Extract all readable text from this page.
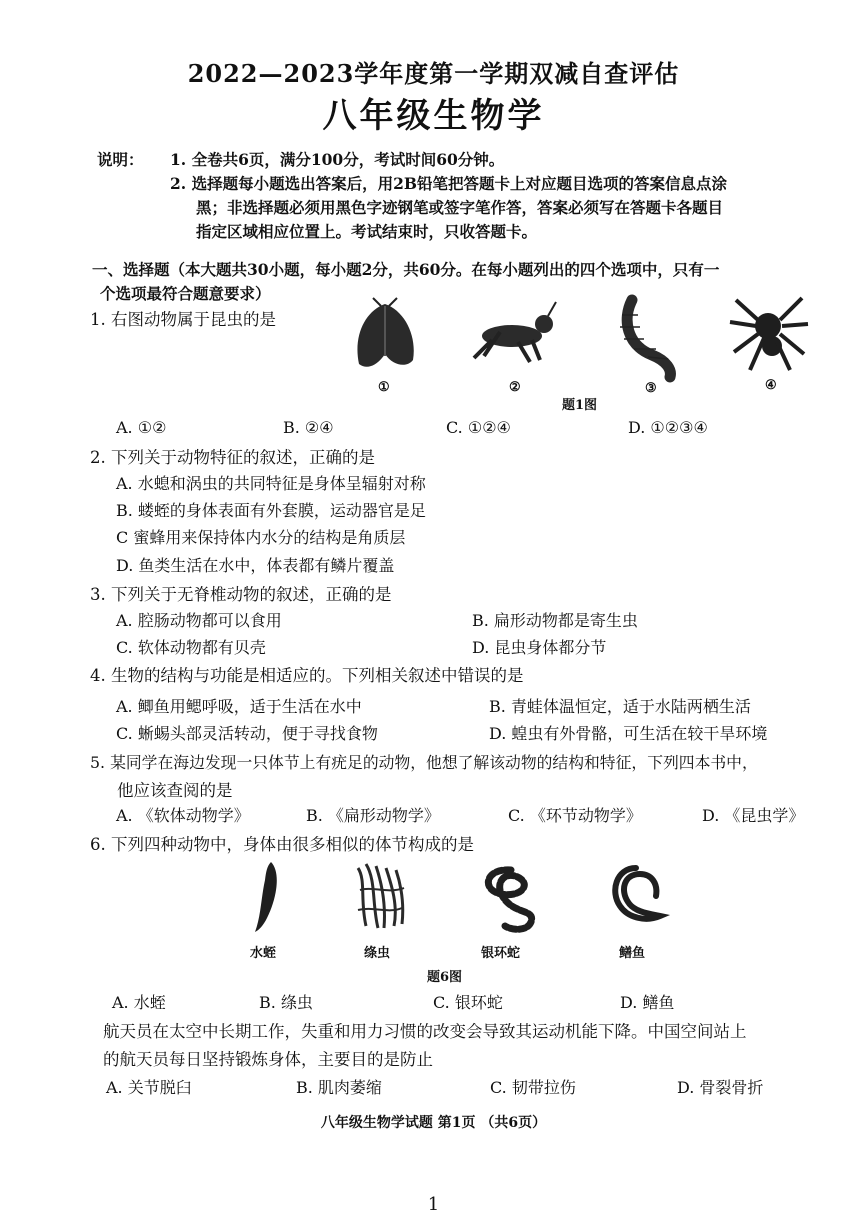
2022—2023学年度第一学期双减自查评估
八年级生物学
说明： 1. 全卷共6页，满分100分，考试时间60分钟。
2. 选择题每小题选出答案后，用2B铅笔把答题卡上对应题目选项的答案信息点涂
黑；非选择题必须用黑色字迹钢笔或签字笔作答，答案必须写在答题卡各题目
指定区域相应位置上。考试结束时，只收答题卡。
一、选择题（本大题共30小题，每小题2分，共60分。在每小题列出的四个选项中，只有一
个选项最符合题意要求）
1. 右图动物属于昆虫的是
①	②	③	④
题1图
A. ①②	B. ②④	C. ①②④	D. ①②③④
2. 下列关于动物特征的叙述，正确的是
A. 水螅和涡虫的共同特征是身体呈辐射对称
B. 蝼蛭的身体表面有外套膜，运动器官是足
C 蜜蜂用来保持体内水分的结构是角质层
D. 鱼类生活在水中，体表都有鳞片覆盖
3. 下列关于无脊椎动物的叙述，正确的是
A. 腔肠动物都可以食用	B. 扁形动物都是寄生虫
C. 软体动物都有贝壳	D. 昆虫身体都分节
4. 生物的结构与功能是相适应的。下列相关叙述中错误的是
A. 鲫鱼用鳃呼吸，适于生活在水中	B. 青蛙体温恒定，适于水陆两栖生活
C. 蜥蜴头部灵活转动，便于寻找食物	D. 蝗虫有外骨骼，可生活在较干旱环境
5. 某同学在海边发现一只体节上有疣足的动物，他想了解该动物的结构和特征，下列四本书中，
他应该查阅的是
A. 《软体动物学》	B. 《扁形动物学》	C. 《环节动物学》	D. 《昆虫学》
6. 下列四种动物中，身体由很多相似的体节构成的是
水蛭	绦虫	银环蛇	鳝鱼
题6图
A. 水蛭	B. 绦虫	C. 银环蛇	D. 鳝鱼
航天员在太空中长期工作，失重和用力习惯的改变会导致其运动机能下降。中国空间站上
的航天员每日坚持锻炼身体，主要目的是防止
A. 关节脱臼	B. 肌肉萎缩	C. 韧带拉伤	D. 骨裂骨折
八年级生物学试题 第1页 （共6页）
1
